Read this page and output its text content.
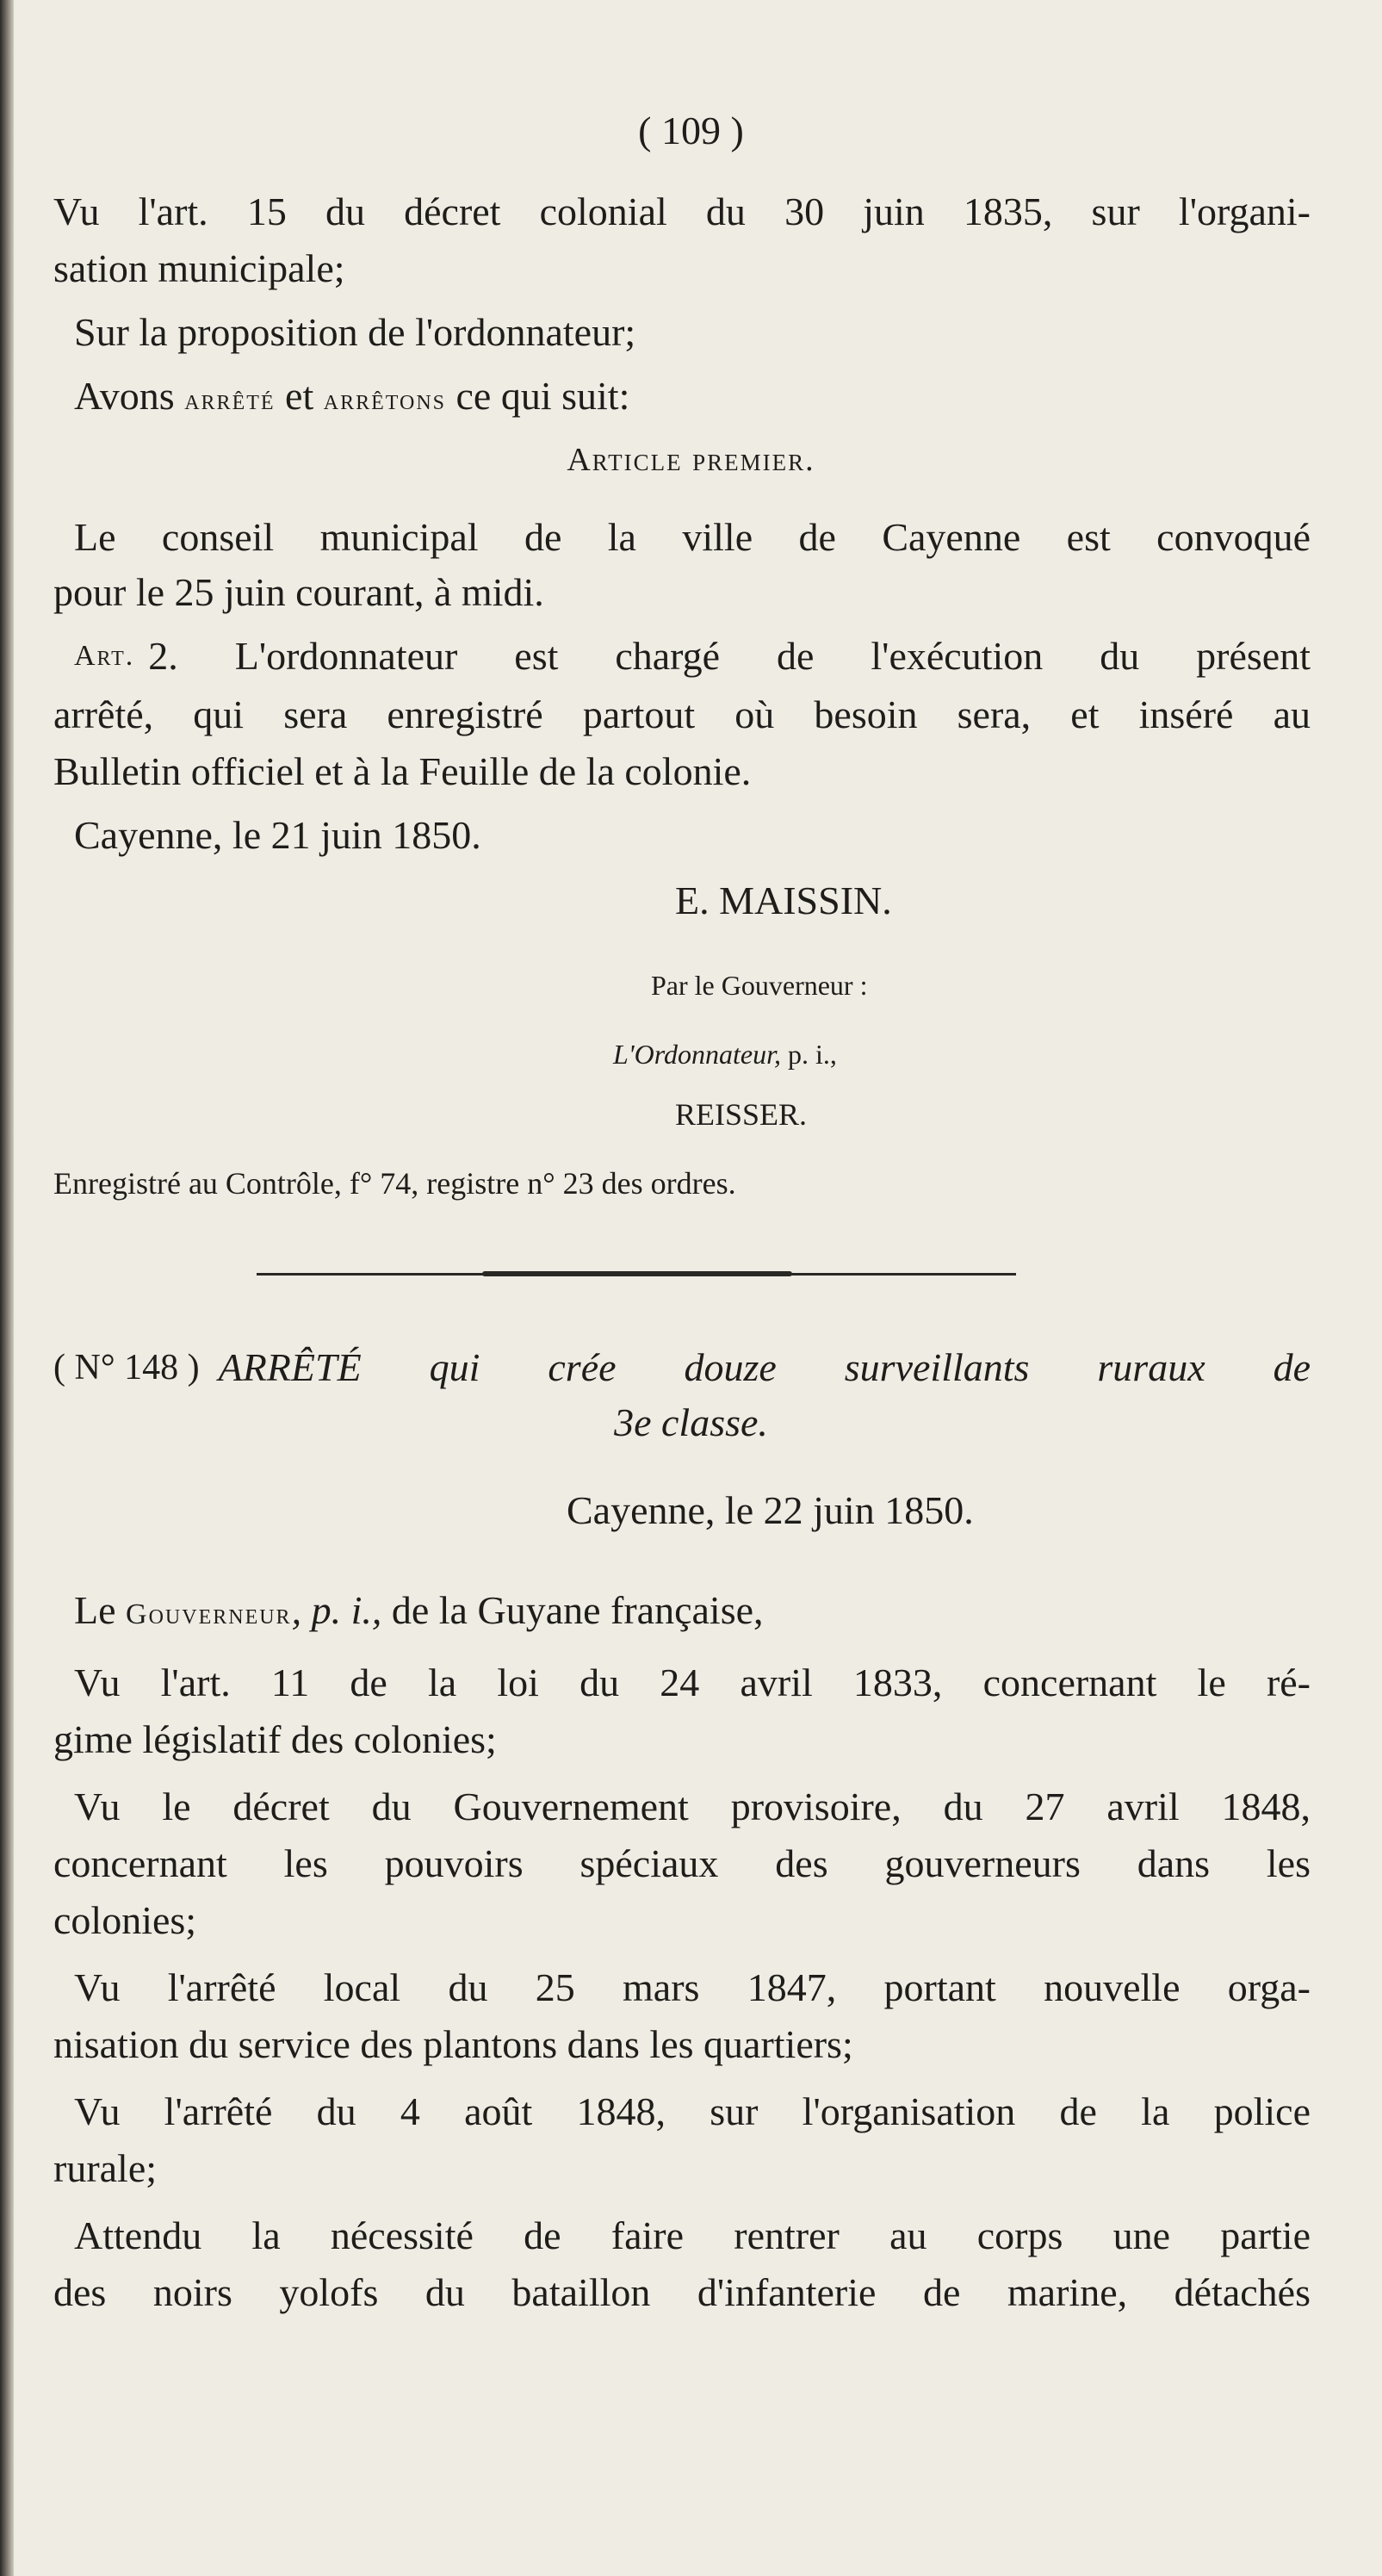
( 109 )
Vu l'art. 15 du décret colonial du 30 juin 1835, sur l'organi-
sation municipale;
Sur la proposition de l'ordonnateur;
Avons arrêté et arrêtons ce qui suit:
Article premier.
Le conseil municipal de la ville de Cayenne est convoqué
pour le 25 juin courant, à midi.
Art. 2. L'ordonnateur est chargé de l'exécution du présent
arrêté, qui sera enregistré partout où besoin sera, et inséré au
Bulletin officiel et à la Feuille de la colonie.
Cayenne, le 21 juin 1850.
E. MAISSIN.
Par le Gouverneur :
L'Ordonnateur, p. i.,
REISSER.
Enregistré au Contrôle, f° 74, registre n° 23 des ordres.
( N° 148 ) ARRÊTÉ qui crée douze surveillants ruraux de
3e classe.
Cayenne, le 22 juin 1850.
Le Gouverneur, p. i., de la Guyane française,
Vu l'art. 11 de la loi du 24 avril 1833, concernant le ré-
gime législatif des colonies;
Vu le décret du Gouvernement provisoire, du 27 avril 1848,
concernant les pouvoirs spéciaux des gouverneurs dans les
colonies;
Vu l'arrêté local du 25 mars 1847, portant nouvelle orga-
nisation du service des plantons dans les quartiers;
Vu l'arrêté du 4 août 1848, sur l'organisation de la police
rurale;
Attendu la nécessité de faire rentrer au corps une partie
des noirs yolofs du bataillon d'infanterie de marine, détachés
